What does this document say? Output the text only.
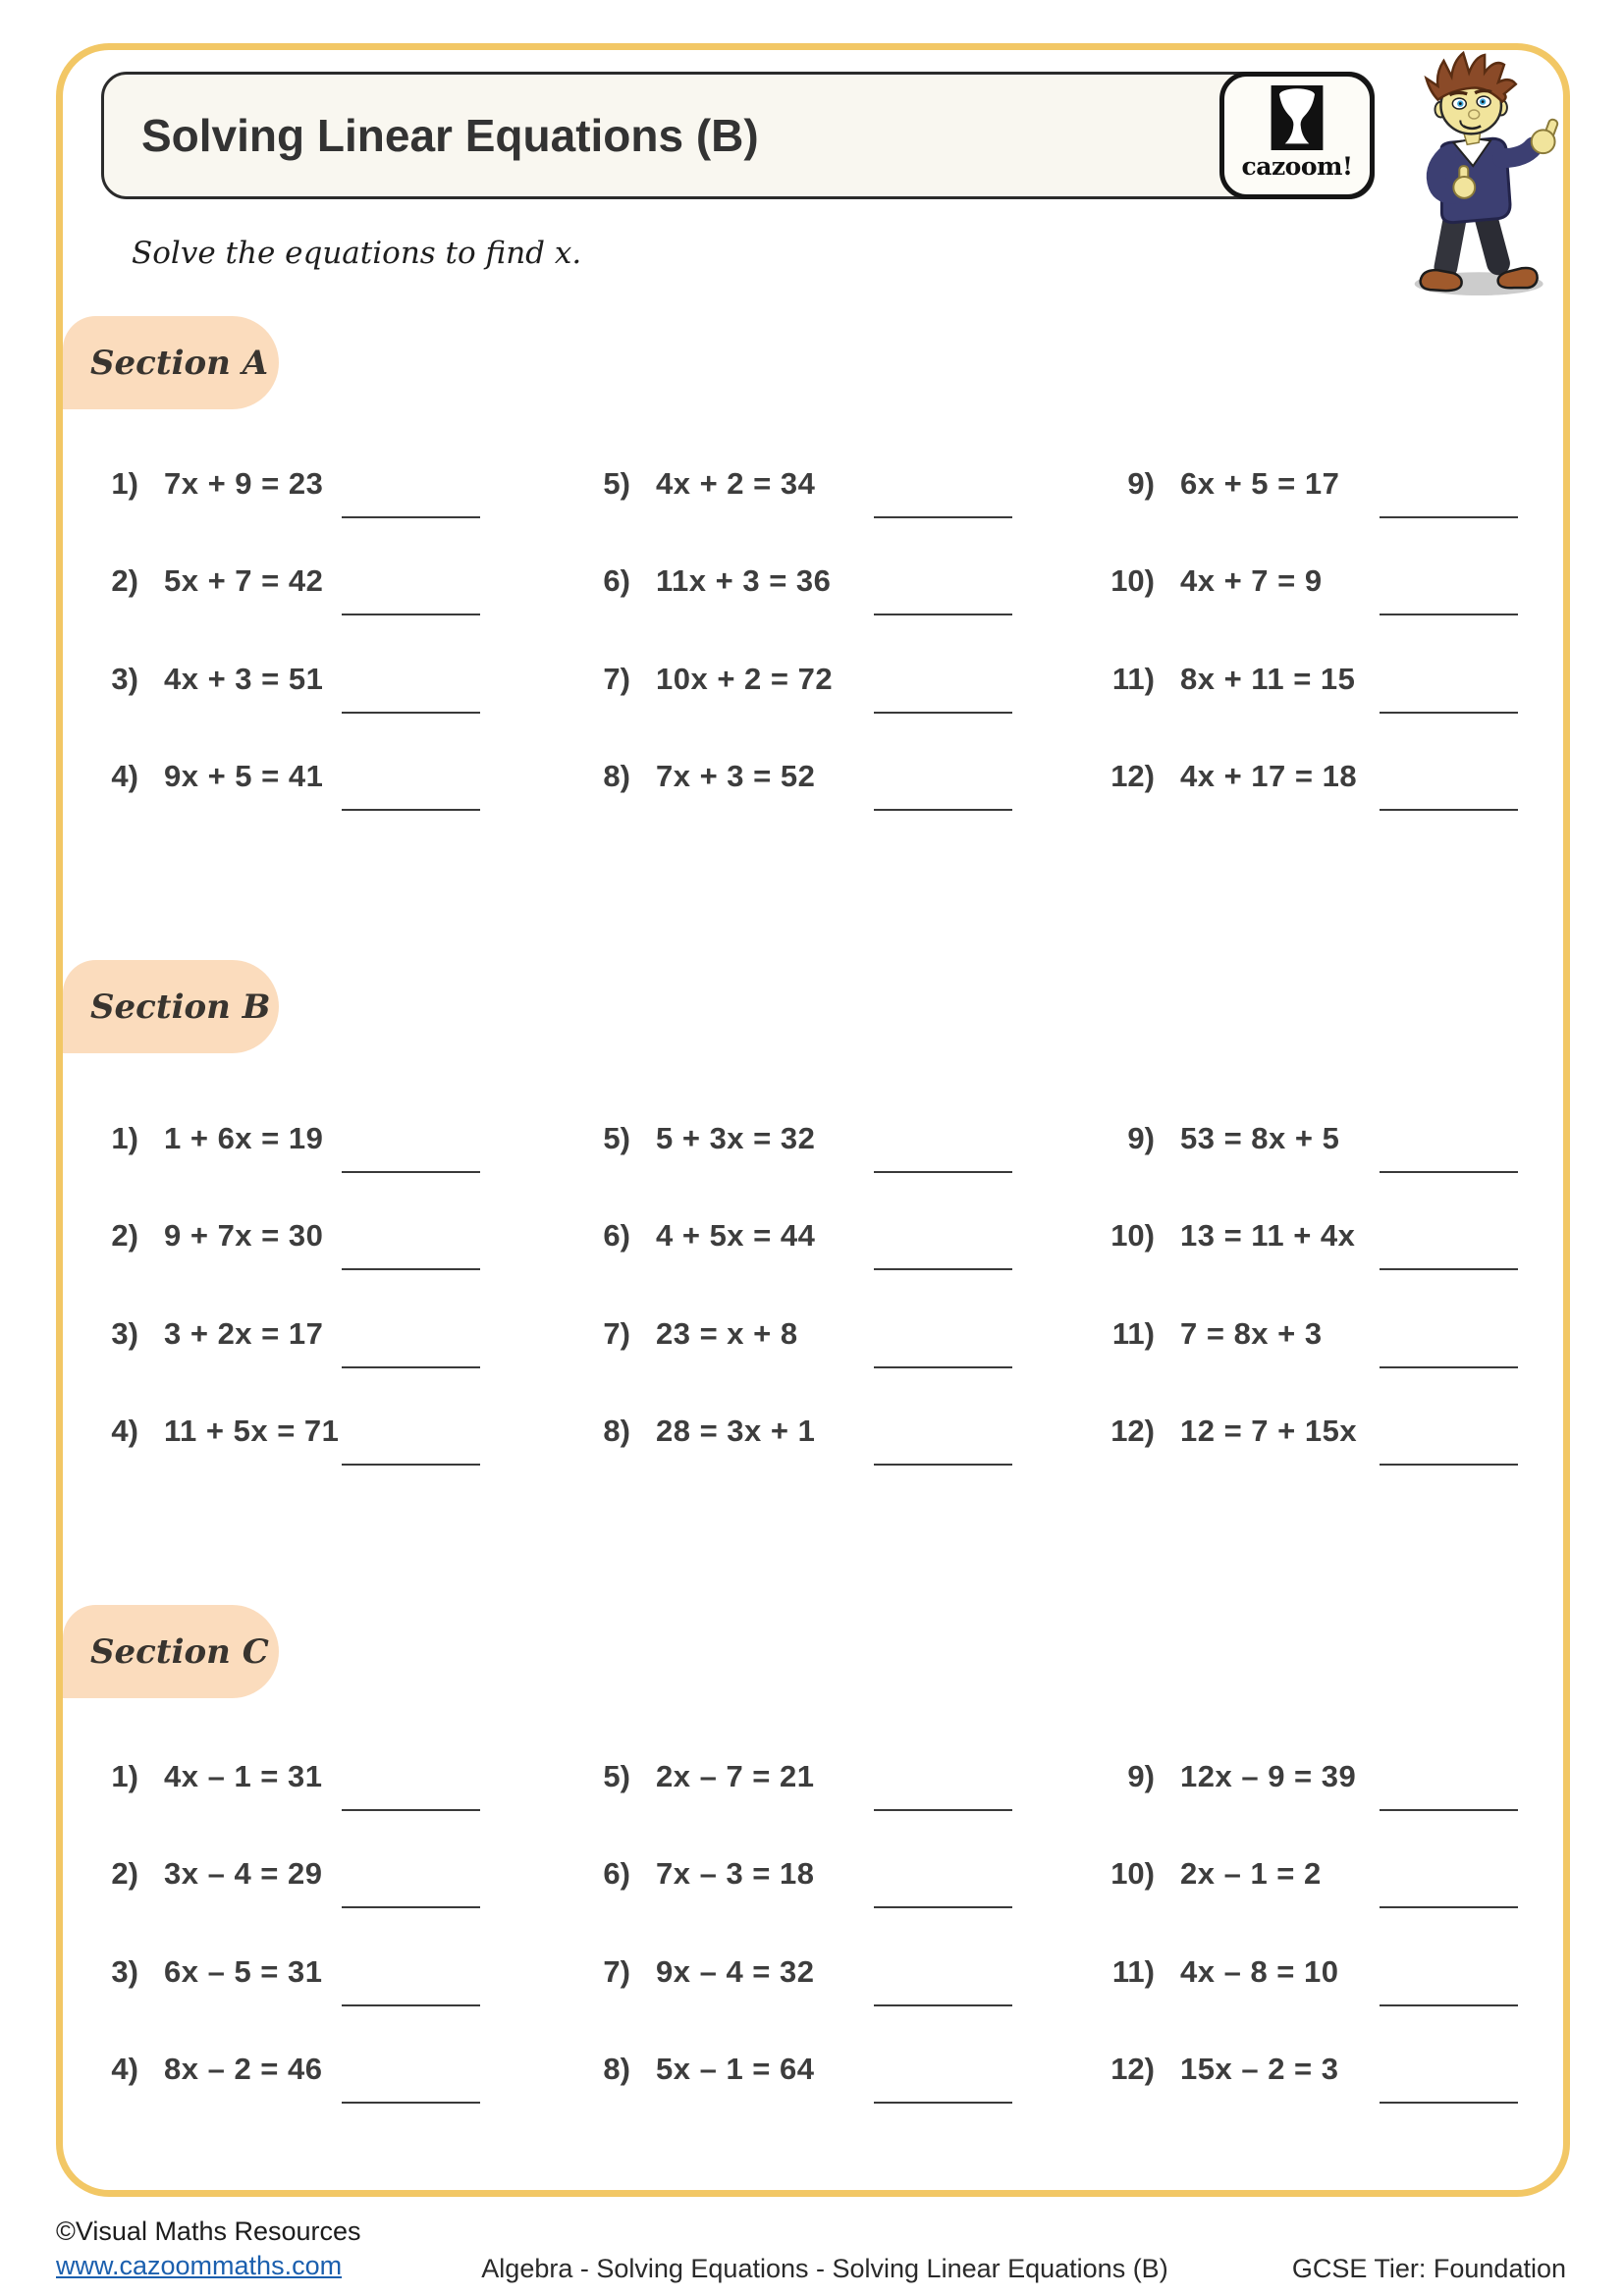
Solving Linear Equations (B)
cazoom!
Solve the equations to find x.
Section A
1) 7x + 9 = 23
2) 5x + 7 = 42
3) 4x + 3 = 51
4) 9x + 5 = 41
5) 4x + 2 = 34
6) 11x + 3 = 36
7) 10x + 2 = 72
8) 7x + 3 = 52
9) 6x + 5 = 17
10) 4x + 7 = 9
11) 8x + 11 = 15
12) 4x + 17 = 18
Section B
1) 1 + 6x = 19
2) 9 + 7x = 30
3) 3 + 2x = 17
4) 11 + 5x = 71
5) 5 + 3x = 32
6) 4 + 5x = 44
7) 23 = x + 8
8) 28 = 3x + 1
9) 53 = 8x + 5
10) 13 = 11 + 4x
11) 7 = 8x + 3
12) 12 = 7 + 15x
Section C
1) 4x – 1 = 31
2) 3x – 4 = 29
3) 6x – 5 = 31
4) 8x – 2 = 46
5) 2x – 7 = 21
6) 7x – 3 = 18
7) 9x – 4 = 32
8) 5x – 1 = 64
9) 12x – 9 = 39
10) 2x – 1 = 2
11) 4x – 8 = 10
12) 15x – 2 = 3
©Visual Maths Resources
www.cazoommaths.com	Algebra - Solving Equations - Solving Linear Equations (B)	GCSE Tier: Foundation
